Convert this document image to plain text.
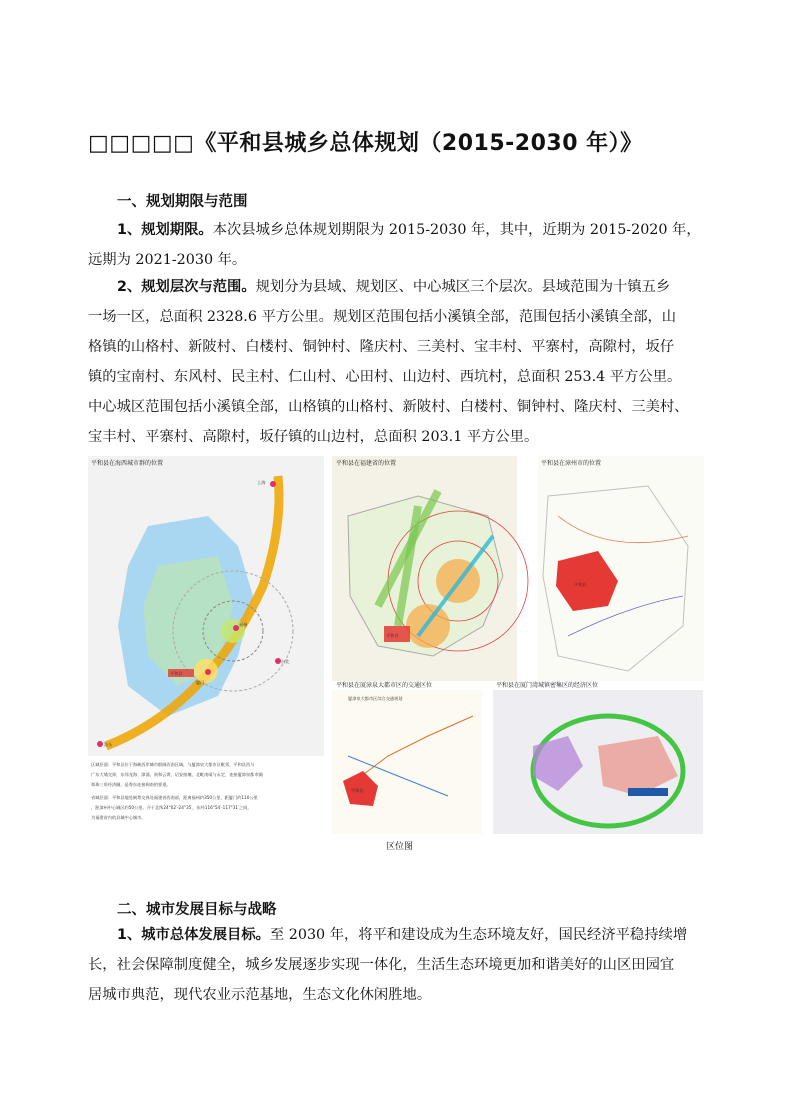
□□□□□《平和县城乡总体规划（2015-2030 年）》
一、规划期限与范围
1、规划期限。本次县城乡总体规划期限为 2015-2030 年，其中，近期为 2015-2020 年，
远期为 2021-2030 年。
2、规划层次与范围。规划分为县域、规划区、中心城区三个层次。县域范围为十镇五乡
一场一区，总面积 2328.6 平方公里。规划区范围包括小溪镇全部，范围包括小溪镇全部，山
格镇的山格村、新陂村、白楼村、铜钟村、隆庆村、三美村、宝丰村、平寨村，高隙村，坂仔
镇的宝南村、东风村、民主村、仁山村、心田村、山边村、西坑村，总面积 253.4 平方公里。
中心城区范围包括小溪镇全部，山格镇的山格村、新陂村、白楼村、铜钟村、隆庆村、三美村、
宝丰村、平寨村、高隙村，坂仔镇的山边村，总面积 203.1 平方公里。
平和县在海西城市群的位置
上海
福州
汕头
台北
厦门
平和县
区域层面：平和县位于海峡西岸城市群闽西南区域，与厦漳泉大都市区毗邻，平和县西与
广东大埔交界，东邻龙海、漳浦，南和云霄、诏安接壤，北毗南靖与永定，连接厦漳泉都市圈
和珠三角经济圈，是粤东连接闽南的要道。
省域层面：平和县地处闽粤交界处福建省西南部，距离福州约350公里，距厦门约110公里
，距漳州中心城区约50公里。介于北纬24°02′-24°35′，东经116°54′-117°31′之间，
为福建省内的县域中心城市。
平和县在福建省的位置
平和县
平和县在漳州市的位置
平和县
平和县在厦漳泉大都市区的交通区位
厦漳泉大都市区综合交通规划
平和县
平和县在厦门湾城镇密集区的经济区位
区位图
二、城市发展目标与战略
1、城市总体发展目标。至 2030 年，将平和建设成为生态环境友好，国民经济平稳持续增
长，社会保障制度健全，城乡发展逐步实现一体化，生活生态环境更加和谐美好的山区田园宜
居城市典范，现代农业示范基地，生态文化休闲胜地。
